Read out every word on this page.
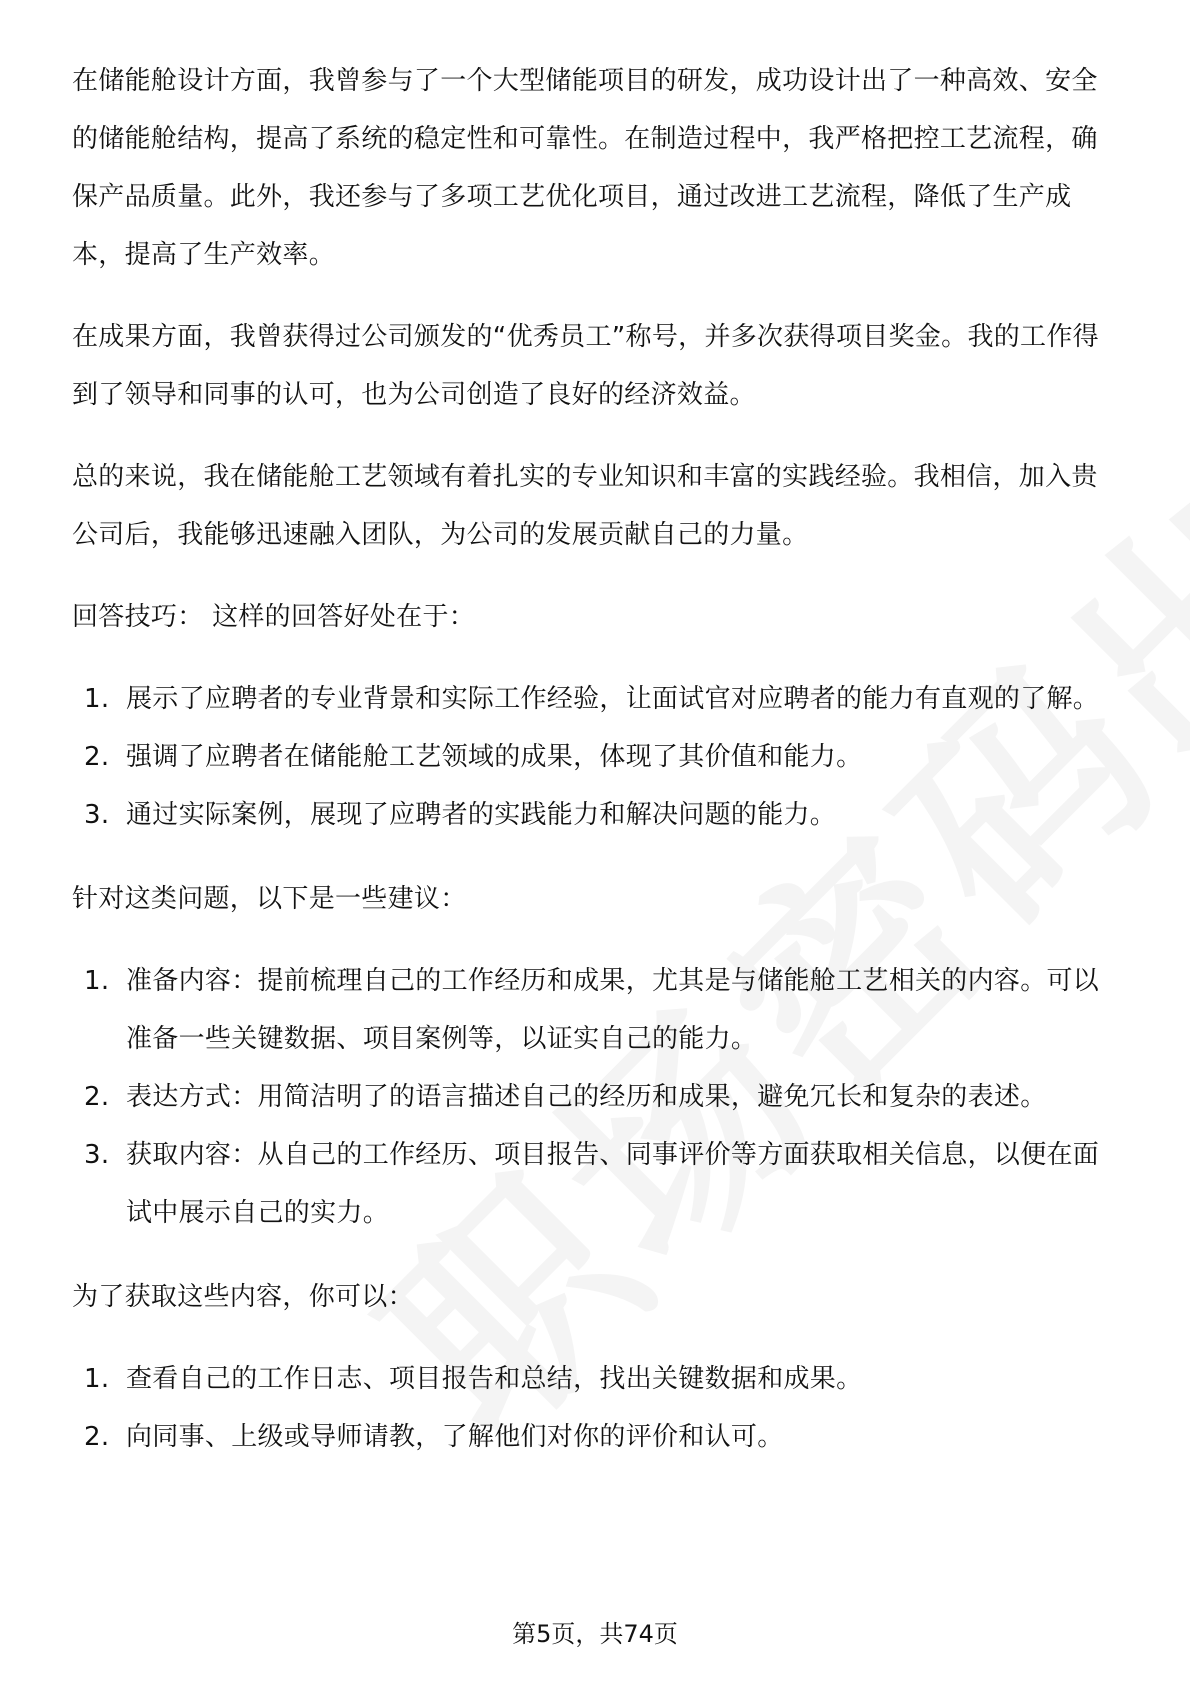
在储能舱设计方面，我曾参与了一个大型储能项目的研发，成功设计出了一种高效、安全的储能舱结构，提高了系统的稳定性和可靠性。在制造过程中，我严格把控工艺流程，确保产品质量。此外，我还参与了多项工艺优化项目，通过改进工艺流程，降低了生产成本，提高了生产效率。

在成果方面，我曾获得过公司颁发的“优秀员工”称号，并多次获得项目奖金。我的工作得到了领导和同事的认可，也为公司创造了良好的经济效益。

总的来说，我在储能舱工艺领域有着扎实的专业知识和丰富的实践经验。我相信，加入贵公司后，我能够迅速融入团队，为公司的发展贡献自己的力量。

回答技巧： 这样的回答好处在于：

1. 展示了应聘者的专业背景和实际工作经验，让面试官对应聘者的能力有直观的了解。
2. 强调了应聘者在储能舱工艺领域的成果，体现了其价值和能力。
3. 通过实际案例，展现了应聘者的实践能力和解决问题的能力。

针对这类问题，以下是一些建议：

1. 准备内容：提前梳理自己的工作经历和成果，尤其是与储能舱工艺相关的内容。可以准备一些关键数据、项目案例等，以证实自己的能力。
2. 表达方式：用简洁明了的语言描述自己的经历和成果，避免冗长和复杂的表述。
3. 获取内容：从自己的工作经历、项目报告、同事评价等方面获取相关信息，以便在面试中展示自己的实力。

为了获取这些内容，你可以：

1. 查看自己的工作日志、项目报告和总结，找出关键数据和成果。
2. 向同事、上级或导师请教，了解他们对你的评价和认可。
第5页，共74页
